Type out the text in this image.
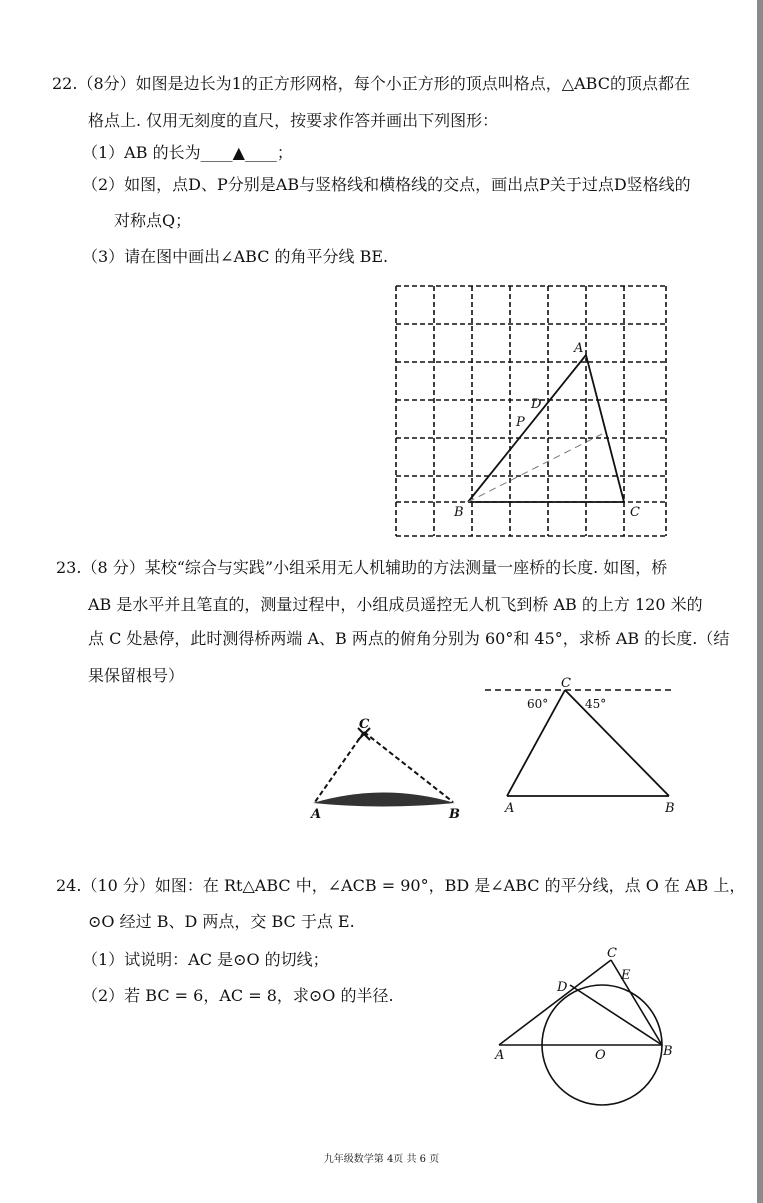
22.（8分）如图是边长为1的正方形网格，每个小正方形的顶点叫格点，△ABC的顶点都在
格点上. 仅用无刻度的直尺，按要求作答并画出下列图形：
（1）AB 的长为____▲____；
（2）如图，点D、P分别是AB与竖格线和横格线的交点，画出点P关于过点D竖格线的
对称点Q；
（3）请在图中画出∠ABC 的角平分线 BE.
A
D
P
B	C
23.（8 分）某校“综合与实践”小组采用无人机辅助的方法测量一座桥的长度. 如图，桥
AB 是水平并且笔直的，测量过程中，小组成员遥控无人机飞到桥 AB 的上方 120 米的
点 C 处悬停，此时测得桥两端 A、B 两点的俯角分别为 60°和 45°，求桥 AB 的长度.（结
果保留根号）
C
A	B
C
60°	45°
A	B
24.（10 分）如图：在 Rt△ABC 中，∠ACB = 90°，BD 是∠ABC 的平分线，点 O 在 AB 上，
⊙O 经过 B、D 两点，交 BC 于点 E.
（1）试说明：AC 是⊙O 的切线；
（2）若 BC = 6，AC = 8，求⊙O 的半径.
A	O	B
C
D
E
九年级数学第 4页 共 6 页
